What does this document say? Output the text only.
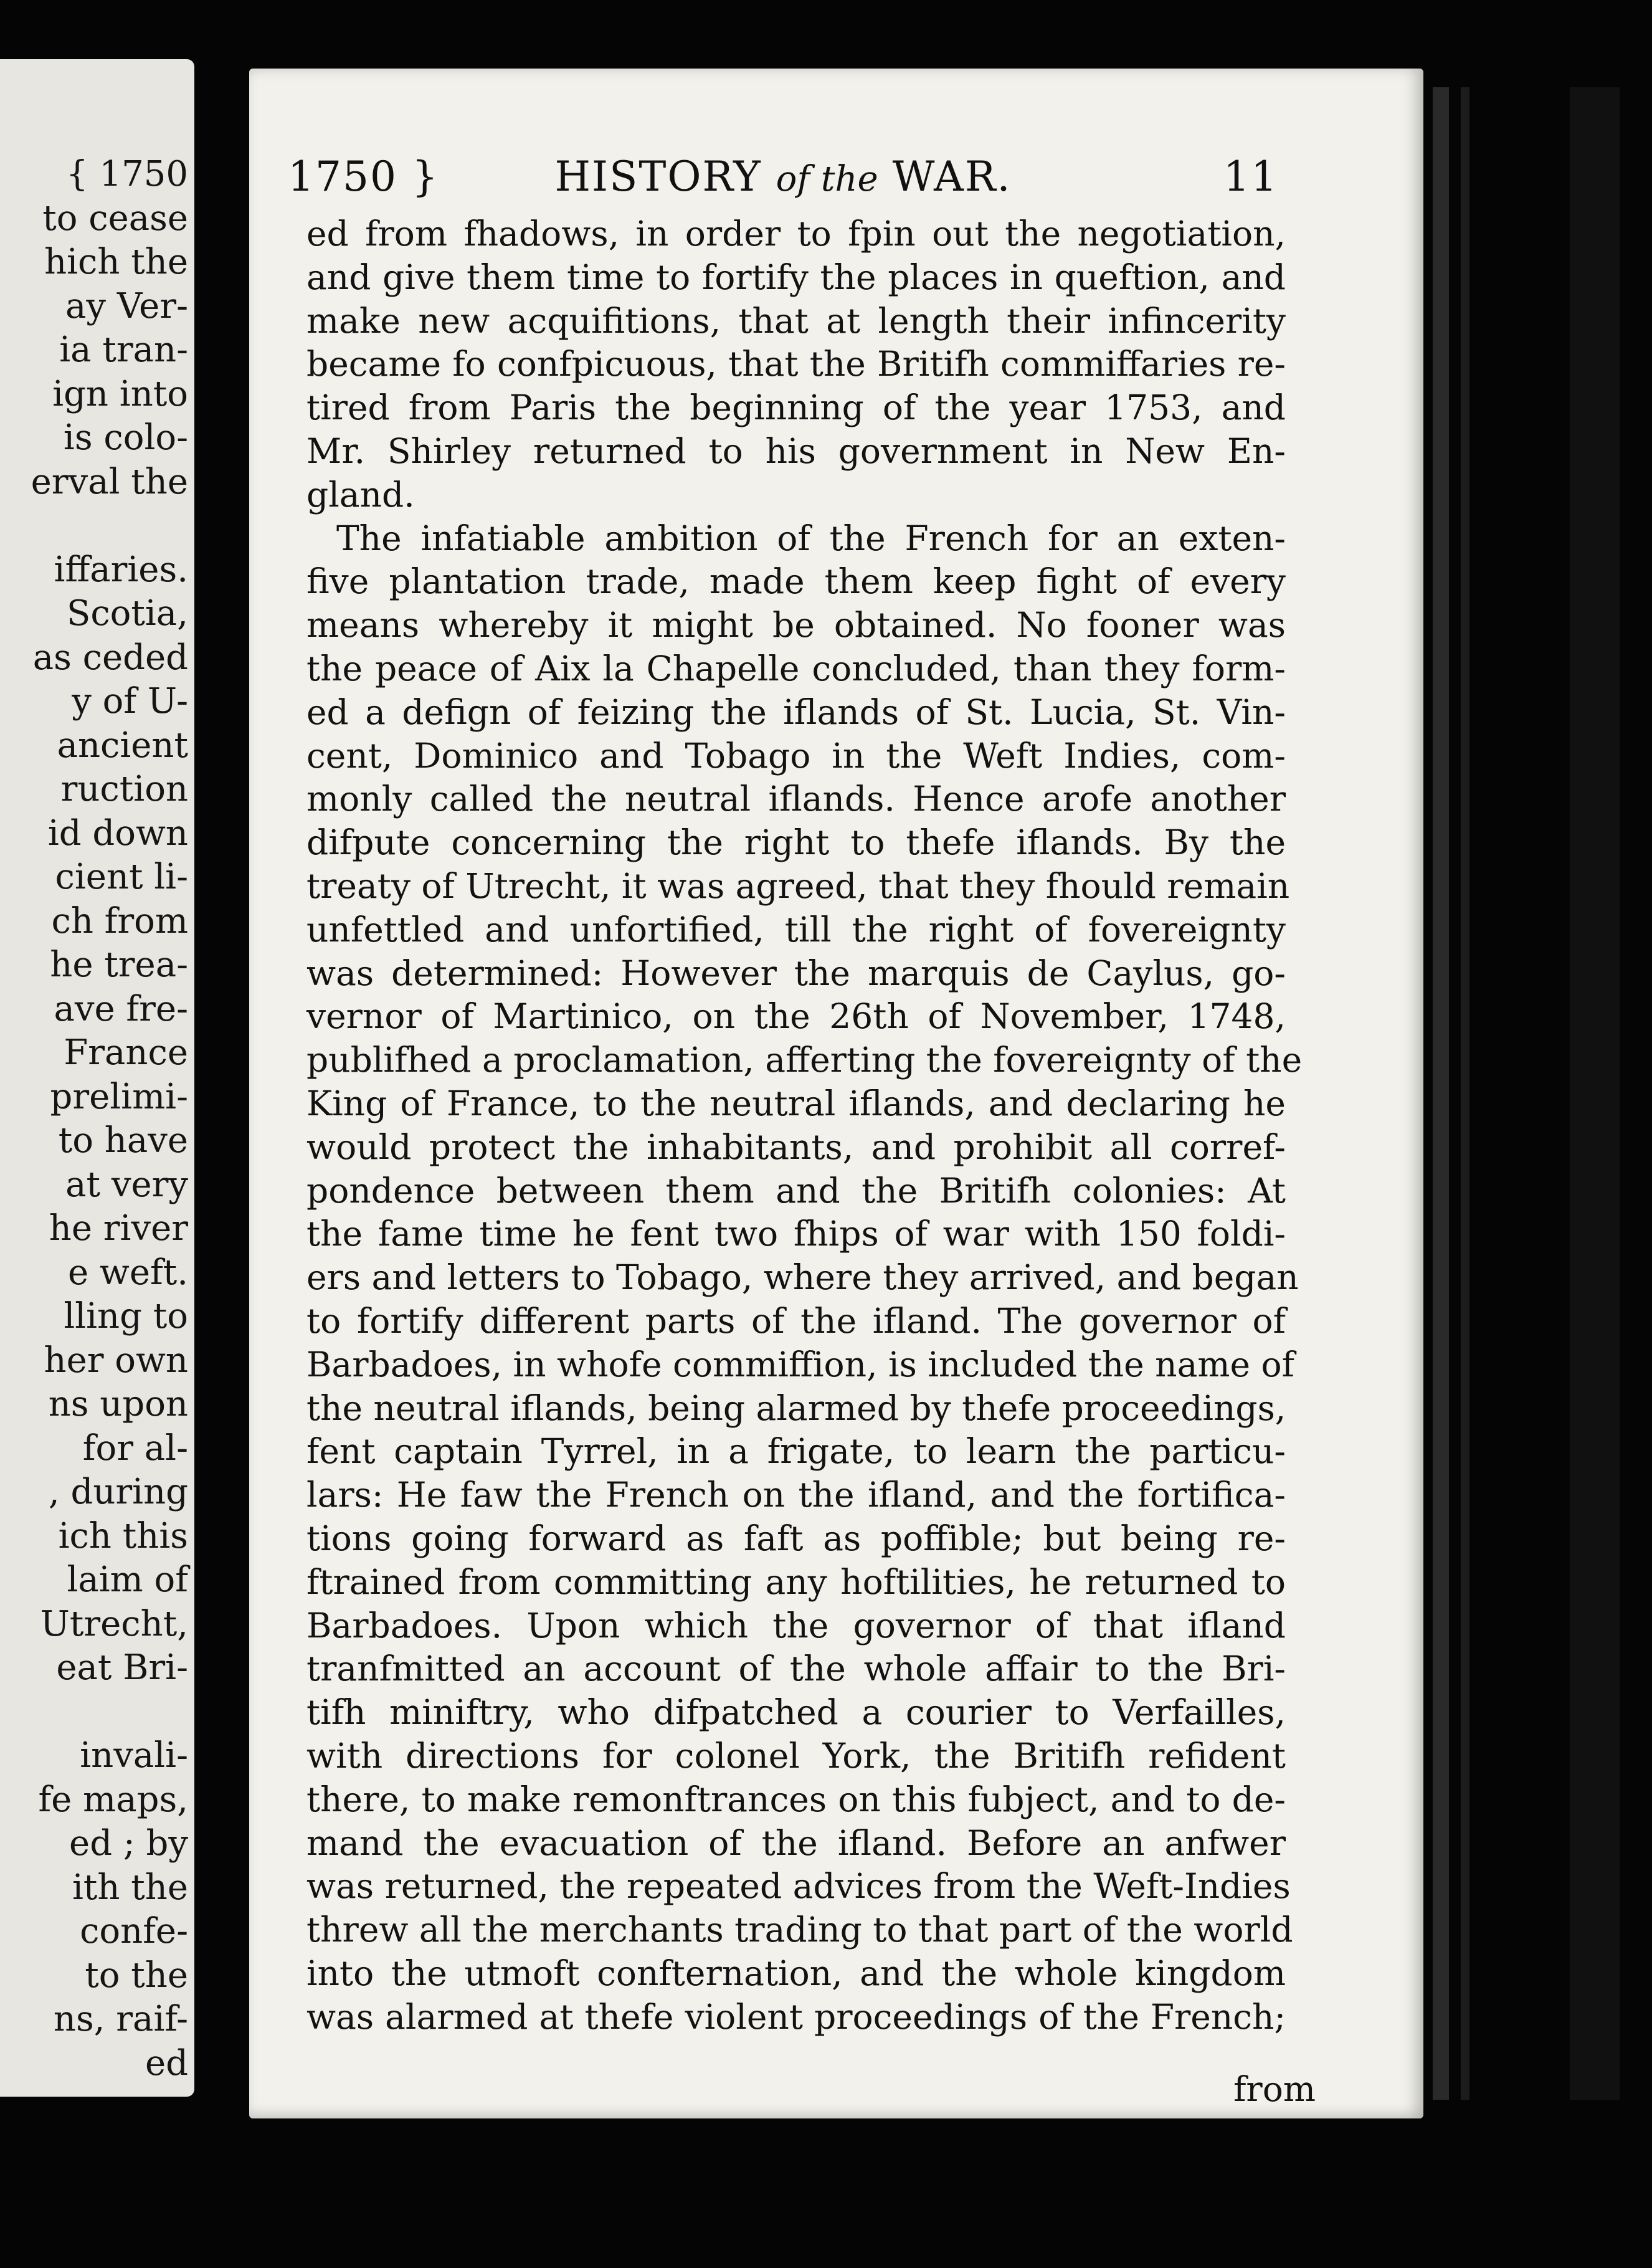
{ 1750
to cease
hich the
ay Ver-
ia tran-
ign into
is colo-
erval the
iffaries.
Scotia,
as ceded
y of U-
ancient
ruction
id down
cient li-
ch from
he trea-
ave fre-
France
prelimi-
to have
at very
he river
e weft.
lling to
her own
ns upon
for al-
, during
ich this
laim of
Utrecht,
eat Bri-
invali-
fe maps,
ed ; by
ith the
confe-
to the
ns, raif-
ed
1750 }	HISTORY of the WAR.	11
ed from fhadows, in order to fpin out the negotiation,
and give them time to fortify the places in queftion, and
make new acquifitions, that at length their infincerity
became fo confpicuous, that the Britifh commiffaries re-
tired from Paris the beginning of the year 1753, and
Mr. Shirley returned to his government in New En-
gland.
The infatiable ambition of the French for an exten-
five plantation trade, made them keep fight of every
means whereby it might be obtained. No fooner was
the peace of Aix la Chapelle concluded, than they form-
ed a defign of feizing the iflands of St. Lucia, St. Vin-
cent, Dominico and Tobago in the Weft Indies, com-
monly called the neutral iflands. Hence arofe another
difpute concerning the right to thefe iflands. By the
treaty of Utrecht, it was agreed, that they fhould remain
unfettled and unfortified, till the right of fovereignty
was determined: However the marquis de Caylus, go-
vernor of Martinico, on the 26th of November, 1748,
publifhed a proclamation, afferting the fovereignty of the
King of France, to the neutral iflands, and declaring he
would protect the inhabitants, and prohibit all corref-
pondence between them and the Britifh colonies: At
the fame time he fent two fhips of war with 150 foldi-
ers and letters to Tobago, where they arrived, and began
to fortify different parts of the ifland. The governor of
Barbadoes, in whofe commiffion, is included the name of
the neutral iflands, being alarmed by thefe proceedings,
fent captain Tyrrel, in a frigate, to learn the particu-
lars: He faw the French on the ifland, and the fortifica-
tions going forward as faft as poffible; but being re-
ftrained from committing any hoftilities, he returned to
Barbadoes. Upon which the governor of that ifland
tranfmitted an account of the whole affair to the Bri-
tifh miniftry, who difpatched a courier to Verfailles,
with directions for colonel York, the Britifh refident
there, to make remonftrances on this fubject, and to de-
mand the evacuation of the ifland. Before an anfwer
was returned, the repeated advices from the Weft-Indies
threw all the merchants trading to that part of the world
into the utmoft confternation, and the whole kingdom
was alarmed at thefe violent proceedings of the French;
from
